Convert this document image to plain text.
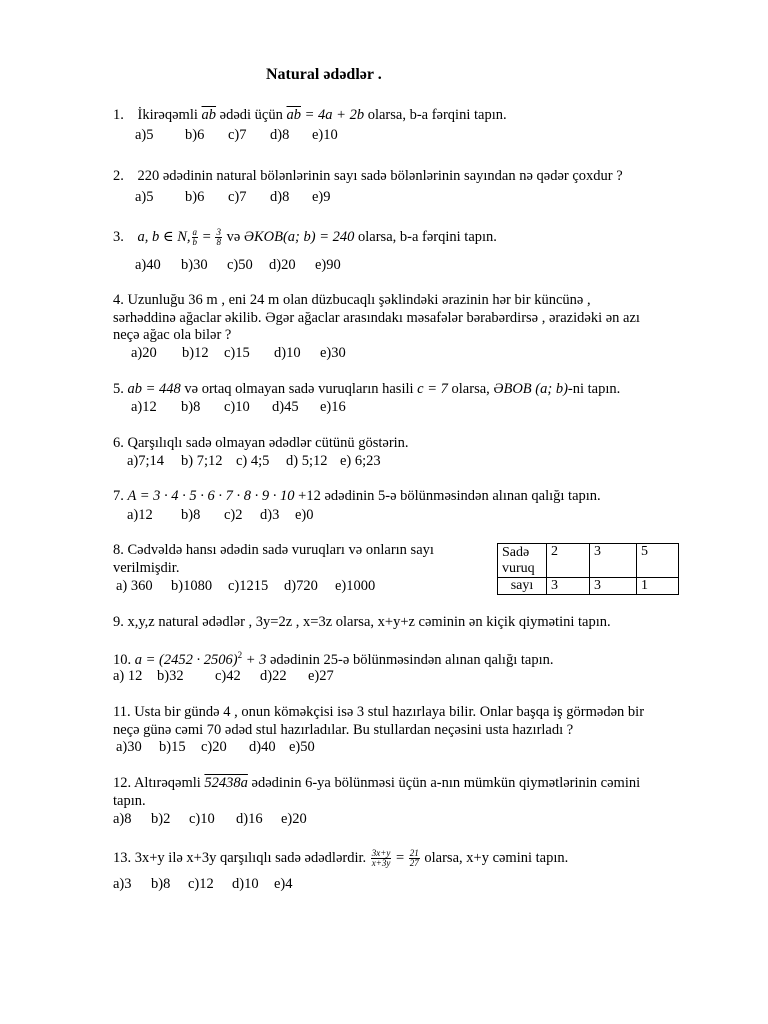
Natural ədədlər .
1. İkirəqəmli $\overline{ab}$ ədədi üçün $\overline{ab} = 4a + 2b$ olarsa, b-a fərqini tapın.
a)5 b)6 c)7 d)8 e)10
2. 220 ədədinin natural bölənlərinin sayı sadə bölənlərinin sayından nə qədər çoxdur ?
a)5 b)6 c)7 d)8 e)9
3. a, b ∈ N, $\frac{a}{b} = \frac{3}{8}$ və ƏKOB(a; b) = 240 olarsa, b-a fərqini tapın.
a)40 b)30 c)50 d)20 e)90
4. Uzunluğu 36 m , eni 24 m olan düzbucaqlı şəklindəki ərazinin hər bir küncünə ,
sərhəddinə ağaclar əkilib. Əgər ağaclar arasındakı məsafələr bərabərdirsə , ərazidəki ən azı
neçə ağac ola bilər ?
a)20 b)12 c)15 d)10 e)30
5. ab = 448 və ortaq olmayan sadə vuruqların hasili c = 7 olarsa, ƏBOB (a; b)-ni tapın.
a)12 b)8 c)10 d)45 e)16
6. Qarşılıqlı sadə olmayan ədədlər cütünü göstərin.
a)7;14 b) 7;12 c) 4;5 d) 5;12 e) 6;23
7. A = 3 · 4 · 5 · 6 · 7 · 8 · 9 · 10 +12 ədədinin 5-ə bölünməsindən alınan qalığı tapın.
a)12 b)8 c)2 d)3 e)0
8. Cədvəldə hansı ədədin sadə vuruqları və onların sayı
verilmişdir.
a) 360 b)1080 c)1215 d)720 e)1000
Sadə vuruq	2	3	5
sayı	3	3	1
9. x,y,z natural ədədlər , 3y=2z , x=3z olarsa, x+y+z cəminin ən kiçik qiymətini tapın.
10. $a = (2452 \cdot 2506)^2 + 3$ ədədinin 25-ə bölünməsindən alınan qalığı tapın.
a) 12 b)32 c)42 d)22 e)27
11. Usta bir gündə 4 , onun köməkçisi isə 3 stul hazırlaya bilir. Onlar başqa iş görmədən bir
neçə günə cəmi 70 ədəd stul hazırladılar. Bu stullardan neçəsini usta hazırladı ?
a)30 b)15 c)20 d)40 e)50
12. Altırəqəmli 52438a ədədinin 6-ya bölünməsi üçün a-nın mümkün qiymətlərinin cəmini
tapın.
a)8 b)2 c)10 d)16 e)20
13. 3x+y ilə x+3y qarşılıqlı sadə ədədlərdir. $\frac{3x+y}{x+3y} = \frac{21}{27}$ olarsa, x+y cəmini tapın.
a)3 b)8 c)12 d)10 e)4
